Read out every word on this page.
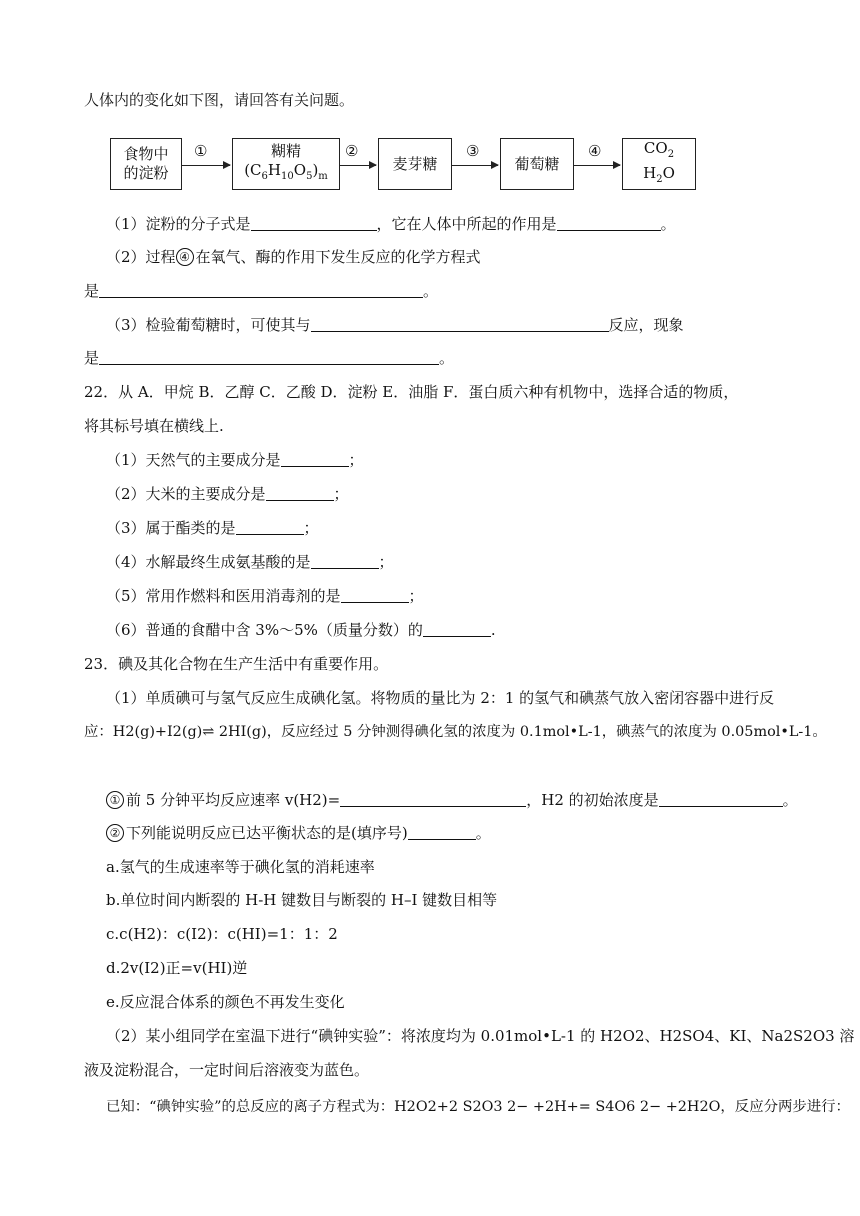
人体内的变化如下图，请回答有关问题。
食物中
的淀粉
①	糊精
$(C_6H_{10}O_5)_m$
②
麦芽糖
③
葡萄糖
④	$CO_2$
$H_2O$
（1）淀粉的分子式是	，它在人体中所起的作用是	。
（2）过程 ④ 在氧气、酶的作用下发生反应的化学方程式
是	。
（3）检验葡萄糖时，可使其与	反应，现象
是	。
22．从 A．甲烷 B．乙醇 C．乙酸 D．淀粉 E．油脂 F．蛋白质六种有机物中，选择合适的物质，
将其标号填在横线上.
（1）天然气的主要成分是	；
（2）大米的主要成分是	；
（3）属于酯类的是	；
（4）水解最终生成氨基酸的是	；
（5）常用作燃料和医用消毒剂的是	；
（6）普通的食醋中含 3%～5%（质量分数）的	.
23．碘及其化合物在生产生活中有重要作用。
（1）单质碘可与氢气反应生成碘化氢。将物质的量比为 2：1 的氢气和碘蒸气放入密闭容器中进行反
应：H2(g)+I2(g)⇌ 2HI(g)，反应经过 5 分钟测得碘化氢的浓度为 0.1mol•L-1，碘蒸气的浓度为 0.05mol•L-1。
① 前 5 分钟平均反应速率 v(H2)=	，H2 的初始浓度是	。
② 下列能说明反应已达平衡状态的是(填序号)	。
a.氢气的生成速率等于碘化氢的消耗速率
b.单位时间内断裂的 H-H 键数目与断裂的 H–I 键数目相等
c.c(H2)：c(I2)：c(HI)=1：1：2
d.2v(I2)正=v(HI)逆
e.反应混合体系的颜色不再发生变化
（2）某小组同学在室温下进行“碘钟实验”：将浓度均为 0.01mol•L-1 的 H2O2、H2SO4、KI、Na2S2O3 溶
液及淀粉混合，一定时间后溶液变为蓝色。
已知：“碘钟实验”的总反应的离子方程式为：H2O2+2 S2O3 2− +2H+= S4O6 2− +2H2O，反应分两步进行：
